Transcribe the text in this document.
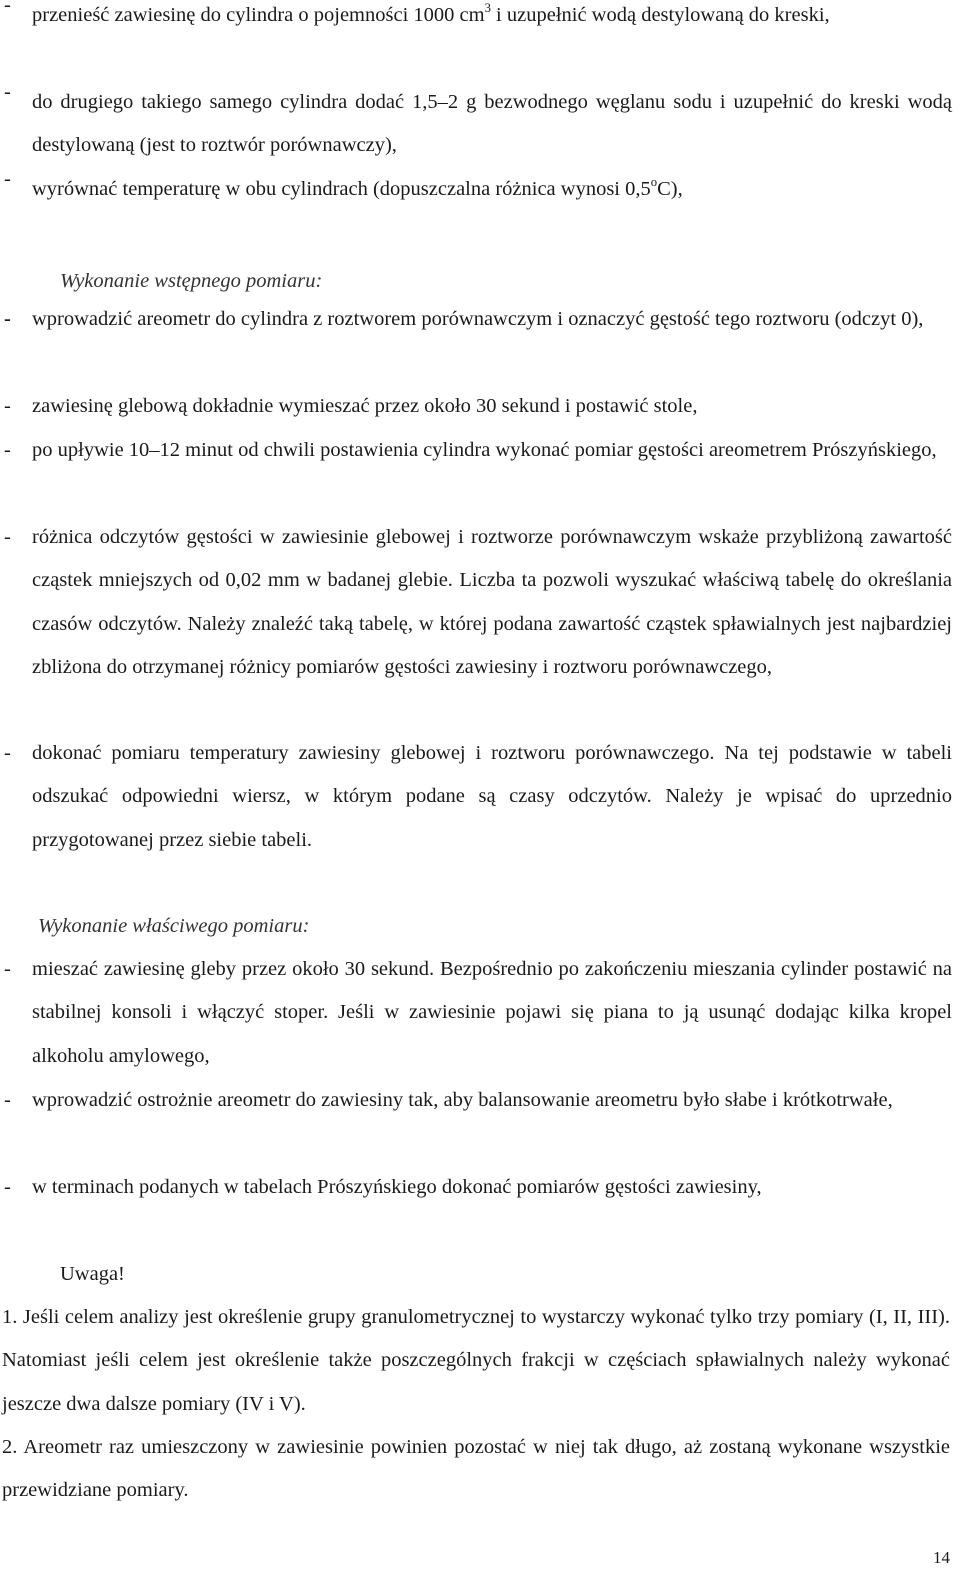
- przenieść zawiesinę do cylindra o pojemności 1000 $cm^3$ i uzupełnić wodą destylowaną do kreski,
- do drugiego takiego samego cylindra dodać 1,5–2 g bezwodnego węglanu sodu i uzupełnić do kreski wodą destylowaną (jest to roztwór porównawczy),
- wyrównać temperaturę w obu cylindrach (dopuszczalna różnica wynosi 0,5$^o$C),
Wykonanie wstępnego pomiaru:
- wprowadzić areometr do cylindra z roztworem porównawczym i oznaczyć gęstość tego roztworu (odczyt 0),
- zawiesinę glebową dokładnie wymieszać przez około 30 sekund i postawić stole,
- po upływie 10–12 minut od chwili postawienia cylindra wykonać pomiar gęstości areometrem Prószyńskiego,
- różnica odczytów gęstości w zawiesinie glebowej i roztworze porównawczym wskaże przybliżoną zawartość cząstek mniejszych od 0,02 mm w badanej glebie. Liczba ta pozwoli wyszukać właściwą tabelę do określania czasów odczytów. Należy znaleźć taką tabelę, w której podana zawartość cząstek spławialnych jest najbardziej zbliżona do otrzymanej różnicy pomiarów gęstości zawiesiny i roztworu porównawczego,
- dokonać pomiaru temperatury zawiesiny glebowej i roztworu porównawczego. Na tej podstawie w tabeli odszukać odpowiedni wiersz, w którym podane są czasy odczytów. Należy je wpisać do uprzednio przygotowanej przez siebie tabeli.
Wykonanie właściwego pomiaru:
- mieszać zawiesinę gleby przez około 30 sekund. Bezpośrednio po zakończeniu mieszania cylinder postawić na stabilnej konsoli i włączyć stoper. Jeśli w zawiesinie pojawi się piana to ją usunąć dodając kilka kropel alkoholu amylowego,
- wprowadzić ostrożnie areometr do zawiesiny tak, aby balansowanie areometru było słabe i krótkotrwałe,
- w terminach podanych w tabelach Prószyńskiego dokonać pomiarów gęstości zawiesiny,
Uwaga!
1. Jeśli celem analizy jest określenie grupy granulometrycznej to wystarczy wykonać tylko trzy pomiary (I, II, III). Natomiast jeśli celem jest określenie także poszczególnych frakcji w częściach spławialnych należy wykonać jeszcze dwa dalsze pomiary (IV i V).
2. Areometr raz umieszczony w zawiesinie powinien pozostać w niej tak długo, aż zostaną wykonane wszystkie przewidziane pomiary.
14
